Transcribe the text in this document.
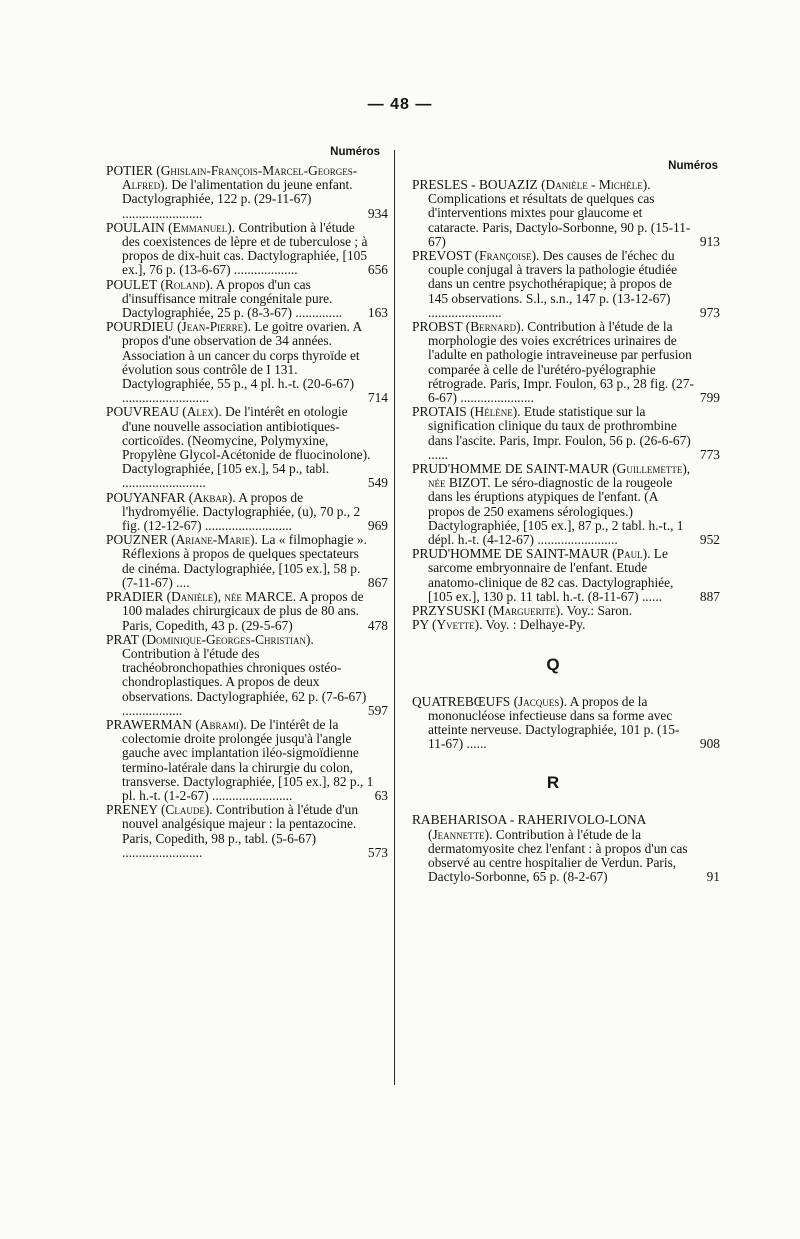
— 48 —
Numéros
POTIER (Ghislain-François-Marcel-Georges-Alfred). De l'alimentation du jeune enfant. Dactylographiée, 122 p. (29-11-67) ........................	934
POULAIN (Emmanuel). Contribution à l'étude des coexistences de lèpre et de tuberculose ; à propos de dix-huit cas. Dactylographiée, [105 ex.], 76 p. (13-6-67) ...................	656
POULET (Roland). A propos d'un cas d'insuffisance mitrale congénitale pure. Dactylographiée, 25 p. (8-3-67) .............. 163
POURDIEU (Jean-Pierre). Le goitre ovarien. A propos d'une observation de 34 années. Association à un cancer du corps thyroïde et évolution sous contrôle de I 131. Dactylographiée, 55 p., 4 pl. h.-t. (20-6-67) ..........................	714
POUVREAU (Alex). De l'intérêt en otologie d'une nouvelle association antibiotiques-corticoïdes. (Neomycine, Polymyxine, Propylène Glycol-Acétonide de fluocinolone). Dactylographiée, [105 ex.], 54 p., tabl. .........................	549
POUYANFAR (Akbar). A propos de l'hydromyélie. Dactylographiée, (u), 70 p., 2 fig. (12-12-67) ..........................	969
POUZNER (Ariane-Marie). La « filmophagie ». Réflexions à propos de quelques spectateurs de cinéma. Dactylographiée, [105 ex.], 58 p. (7-11-67) ....	867
PRADIER (Danièle), née MARCE. A propos de 100 malades chirurgicaux de plus de 80 ans. Paris, Copedith, 43 p. (29-5-67)	478
PRAT (Dominique-Georges-Christian). Contribution à l'étude des trachéobronchopathies chroniques ostéo-chondroplastiques. A propos de deux observations. Dactylographiée, 62 p. (7-6-67) ..................	597
PRAWERMAN (Abrami). De l'intérêt de la colectomie droite prolongée jusqu'à l'angle gauche avec implantation iléo-sigmoïdienne termino-latérale dans la chirurgie du colon, transverse. Dactylographiée, [105 ex.], 82 p., 1 pl. h.-t. (1-2-67) ........................	63
PRENEY (Claude). Contribution à l'étude d'un nouvel analgésique majeur : la pentazocine. Paris, Copedith, 98 p., tabl. (5-6-67) ........................	573
Numéros
PRESLES - BOUAZIZ (Danièle - Michèle). Complications et résultats de quelques cas d'interventions mixtes pour glaucome et cataracte. Paris, Dactylo-Sorbonne, 90 p. (15-11-67)	913
PREVOST (Françoise). Des causes de l'échec du couple conjugal à travers la pathologie étudiée dans un centre psychothérapique; à propos de 145 observations. S.l., s.n., 147 p. (13-12-67) ......................	973
PROBST (Bernard). Contribution à l'étude de la morphologie des voies excrétrices urinaires de l'adulte en pathologie intraveineuse par perfusion comparée à celle de l'urétéro-pyélographie rétrograde. Paris, Impr. Foulon, 63 p., 28 fig. (27-6-67) ......................	799
PROTAIS (Hélène). Etude statistique sur la signification clinique du taux de prothrombine dans l'ascite. Paris, Impr. Foulon, 56 p. (26-6-67) ......	773
PRUD'HOMME DE SAINT-MAUR (Guillemette), née BIZOT. Le séro-diagnostic de la rougeole dans les éruptions atypiques de l'enfant. (A propos de 250 examens sérologiques.) Dactylographiée, [105 ex.], 87 p., 2 tabl. h.-t., 1 dépl. h.-t. (4-12-67) ........................	952
PRUD'HOMME DE SAINT-MAUR (Paul). Le sarcome embryonnaire de l'enfant. Etude anatomo-clinique de 82 cas. Dactylographiée, [105 ex.], 130 p. 11 tabl. h.-t. (8-11-67) ......	887
PRZYSUSKI (Marguerite). Voy.: Saron.
PY (Yvette). Voy. : Delhaye-Py.
Q
QUATREBŒUFS (Jacques). A propos de la mononucléose infectieuse dans sa forme avec atteinte nerveuse. Dactylographiée, 101 p. (15-11-67) ......	908
R
RABEHARISOA - RAHERIVOLO-LONA (Jeannette). Contribution à l'étude de la dermatomyosite chez l'enfant : à propos d'un cas observé au centre hospitalier de Verdun. Paris, Dactylo-Sorbonne, 65 p. (8-2-67)	91
